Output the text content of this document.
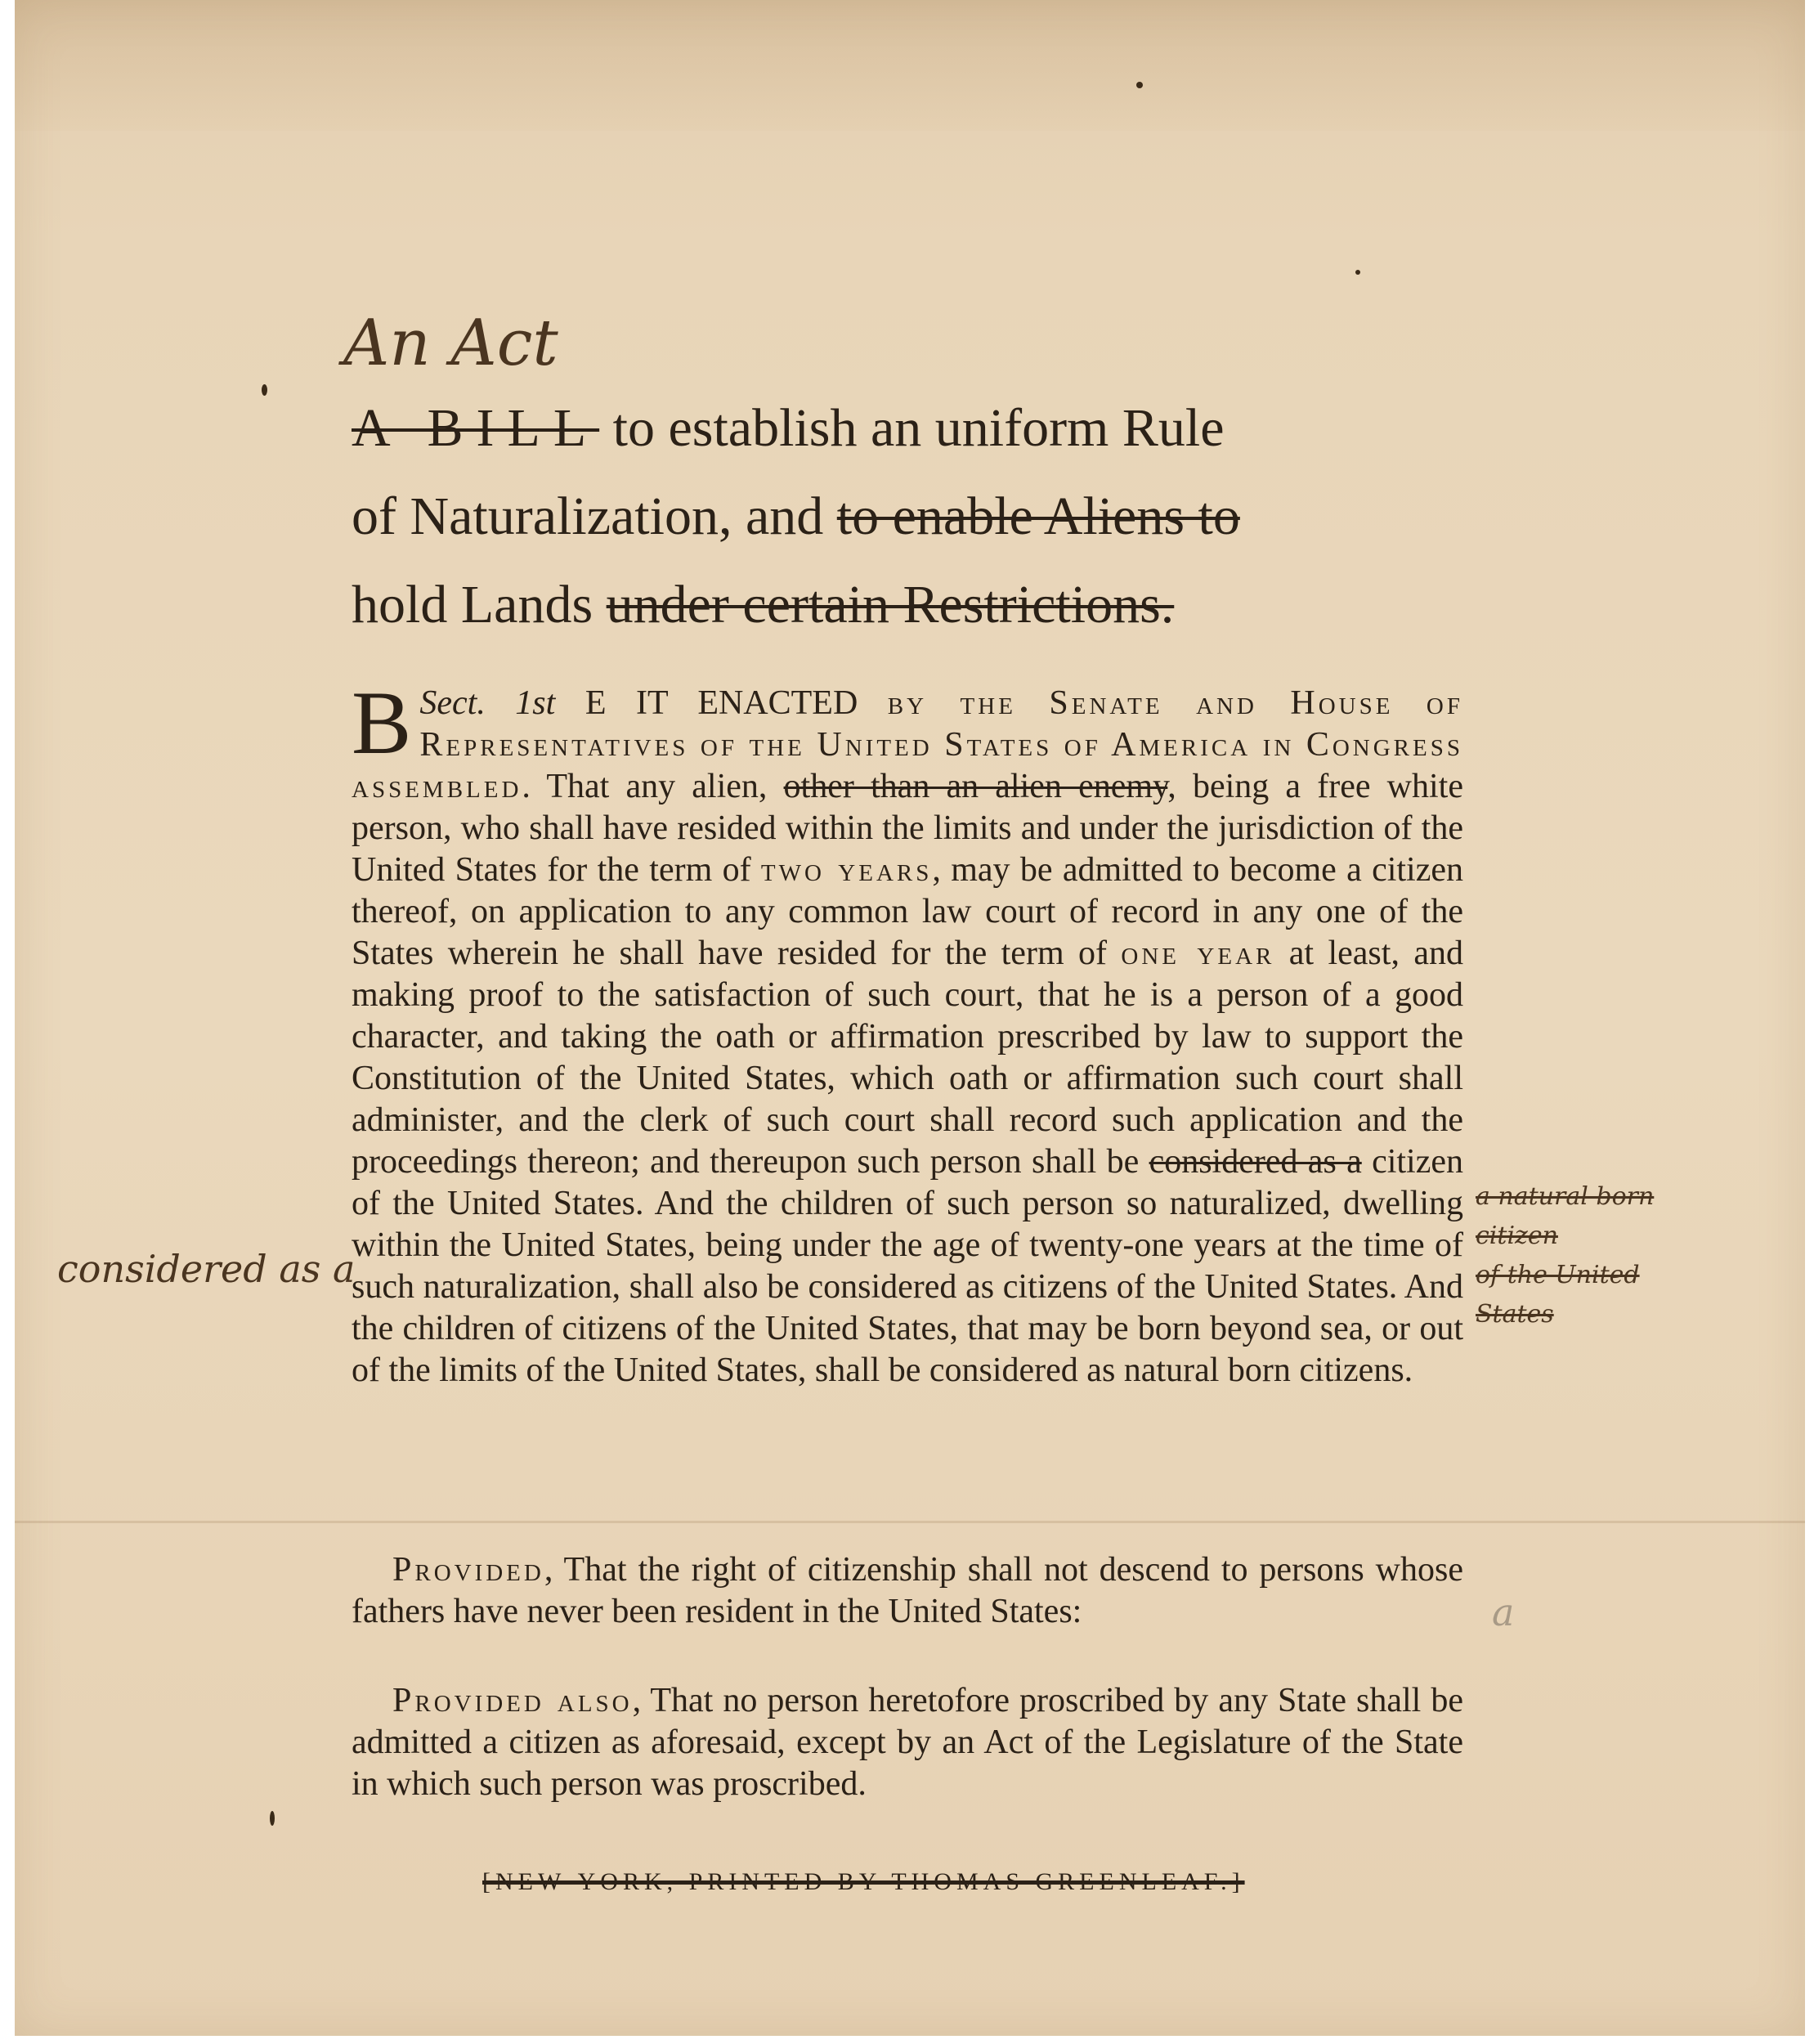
An Act
A BILL to establish an uniform Rule
of Naturalization, and to enable Aliens to
hold Lands under certain Restrictions.
B Sect. 1st E IT ENACTED by the Senate and House of Representatives of the United States of America in Congress assembled. That any alien, other than an alien enemy, being a free white person, who shall have resided within the limits and under the jurisdiction of the United States for the term of two years, may be admitted to become a citizen thereof, on application to any common law court of record in any one of the States wherein he shall have resided for the term of one year at least, and making proof to the satisfaction of such court, that he is a person of a good character, and taking the oath or affirmation prescribed by law to support the Constitution of the United States, which oath or affirmation such court shall administer, and the clerk of such court shall record such application and the proceedings thereon; and thereupon such person shall be considered as a citizen of the United States. And the children of such person so naturalized, dwelling within the United States, being under the age of twenty-one years at the time of such naturalization, shall also be considered as citizens of the United States. And the children of citizens of the United States, that may be born beyond sea, or out of the limits of the United States, shall be considered as natural born citizens.
considered as a
a natural born
citizen
of the United
States
Provided, That the right of citizenship shall not descend to persons whose fathers have never been resident in the United States:	a
Provided also, That no person heretofore proscribed by any State shall be admitted a citizen as aforesaid, except by an Act of the Legislature of the State in which such person was proscribed.
[NEW-YORK, PRINTED BY THOMAS GREENLEAF.]
